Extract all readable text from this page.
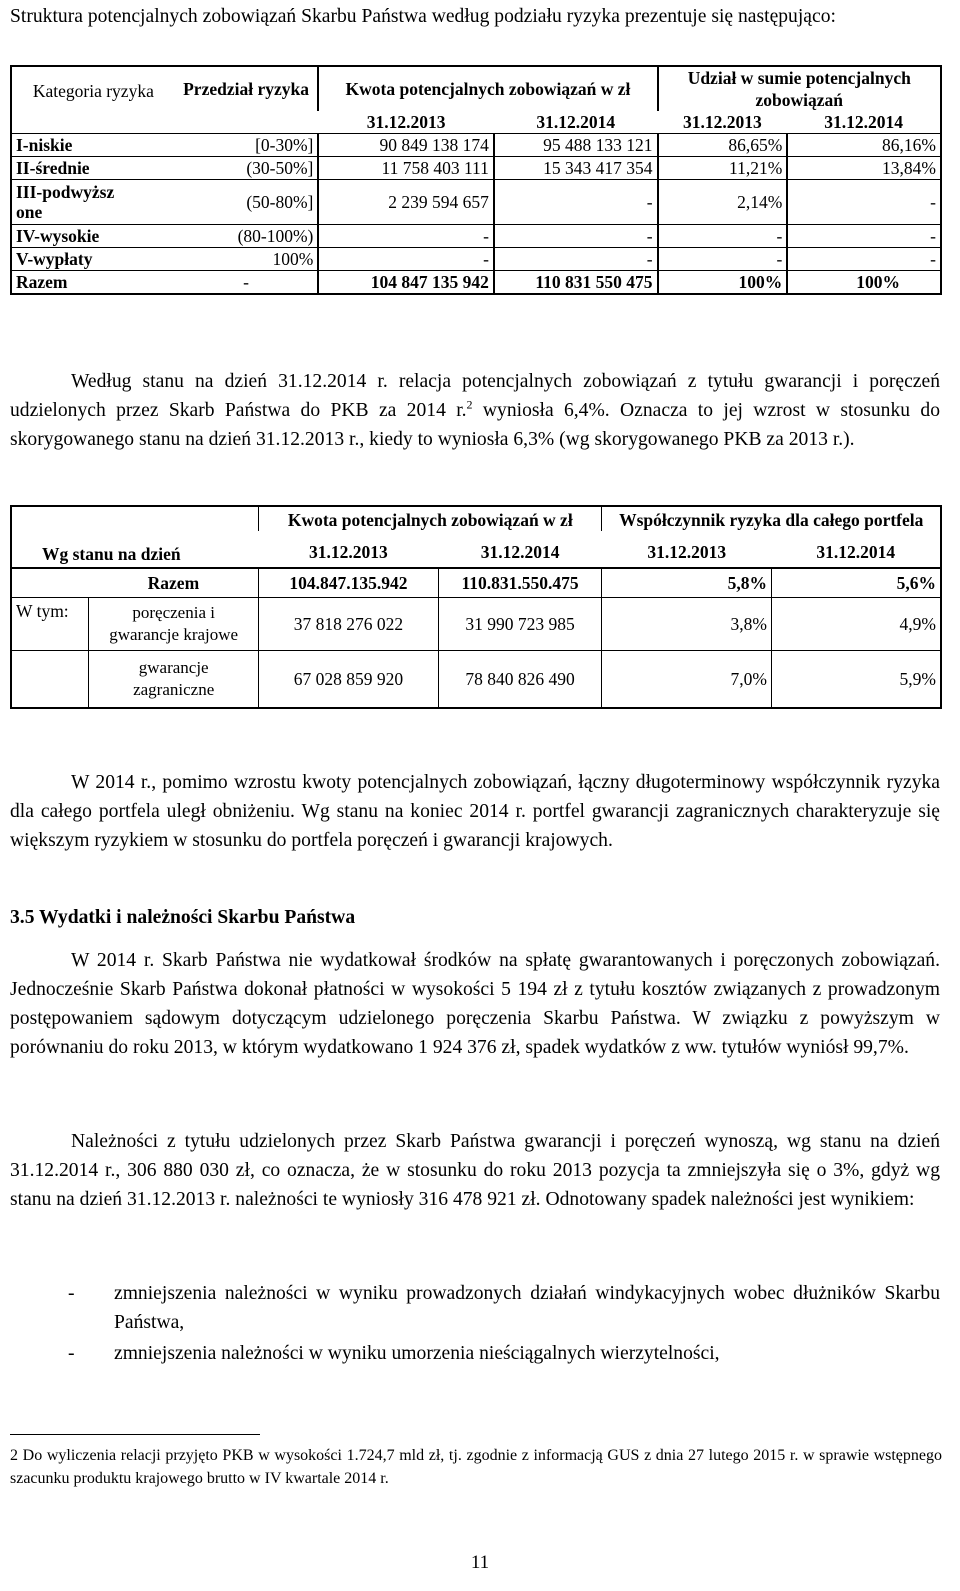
Struktura potencjalnych zobowiązań Skarbu Państwa według podziału ryzyka prezentuje się następująco:

Kategoria ryzyka	Przedział ryzyka	Kwota potencjalnych zobowiązań w zł		Udział w sumie potencjalnych zobowiązań	
		31.12.2013	31.12.2014	31.12.2013	31.12.2014
I-niskie	[0-30%]	90 849 138 174	95 488 133 121	86,65%	86,16%
II-średnie	(30-50%]	11 758 403 111	15 343 417 354	11,21%	13,84%
III-podwyższone	(50-80%]	2 239 594 657	-	2,14%	-
IV-wysokie	(80-100%)	-	-	-	-
V-wypłaty	100%	-	-	-	-
Razem	-	104 847 135 942	110 831 550 475	100%	100%

Według stanu na dzień 31.12.2014 r. relacja potencjalnych zobowiązań z tytułu gwarancji i poręczeń udzielonych przez Skarb Państwa do PKB za 2014 r.$^2$ wyniosła 6,4%. Oznacza to jej wzrost w stosunku do skorygowanego stanu na dzień 31.12.2013 r., kiedy to wyniosła 6,3% (wg skorygowanego PKB za 2013 r.).

Wg stanu na dzień		Kwota potencjalnych zobowiązań w zł		Współczynnik ryzyka dla całego portfela	
		31.12.2013	31.12.2014	31.12.2013	31.12.2014
	Razem	104.847.135.942	110.831.550.475	5,8%	5,6%
W tym:	poręczenia i gwarancje krajowe	37 818 276 022	31 990 723 985	3,8%	4,9%
	gwarancje zagraniczne	67 028 859 920	78 840 826 490	7,0%	5,9%

W 2014 r., pomimo wzrostu kwoty potencjalnych zobowiązań, łączny długoterminowy współczynnik ryzyka dla całego portfela uległ obniżeniu. Wg stanu na koniec 2014 r. portfel gwarancji zagranicznych charakteryzuje się większym ryzykiem w stosunku do portfela poręczeń i gwarancji krajowych.

3.5 Wydatki i należności Skarbu Państwa

W 2014 r. Skarb Państwa nie wydatkował środków na spłatę gwarantowanych i poręczonych zobowiązań. Jednocześnie Skarb Państwa dokonał płatności w wysokości 5 194 zł z tytułu kosztów związanych z prowadzonym postępowaniem sądowym dotyczącym udzielonego poręczenia Skarbu Państwa. W związku z powyższym w porównaniu do roku 2013, w którym wydatkowano 1 924 376 zł, spadek wydatków z ww. tytułów wyniósł 99,7%.

Należności z tytułu udzielonych przez Skarb Państwa gwarancji i poręczeń wynoszą, wg stanu na dzień 31.12.2014 r., 306 880 030 zł, co oznacza, że w stosunku do roku 2013 pozycja ta zmniejszyła się o 3%, gdyż wg stanu na dzień 31.12.2013 r. należności te wyniosły 316 478 921 zł. Odnotowany spadek należności jest wynikiem:

- zmniejszenia należności w wyniku prowadzonych działań windykacyjnych wobec dłużników Skarbu Państwa,

- zmniejszenia należności w wyniku umorzenia nieściągalnych wierzytelności,

2 Do wyliczenia relacji przyjęto PKB w wysokości 1.724,7 mld zł, tj. zgodnie z informacją GUS z dnia 27 lutego 2015 r. w sprawie wstępnego szacunku produktu krajowego brutto w IV kwartale 2014 r.

11
